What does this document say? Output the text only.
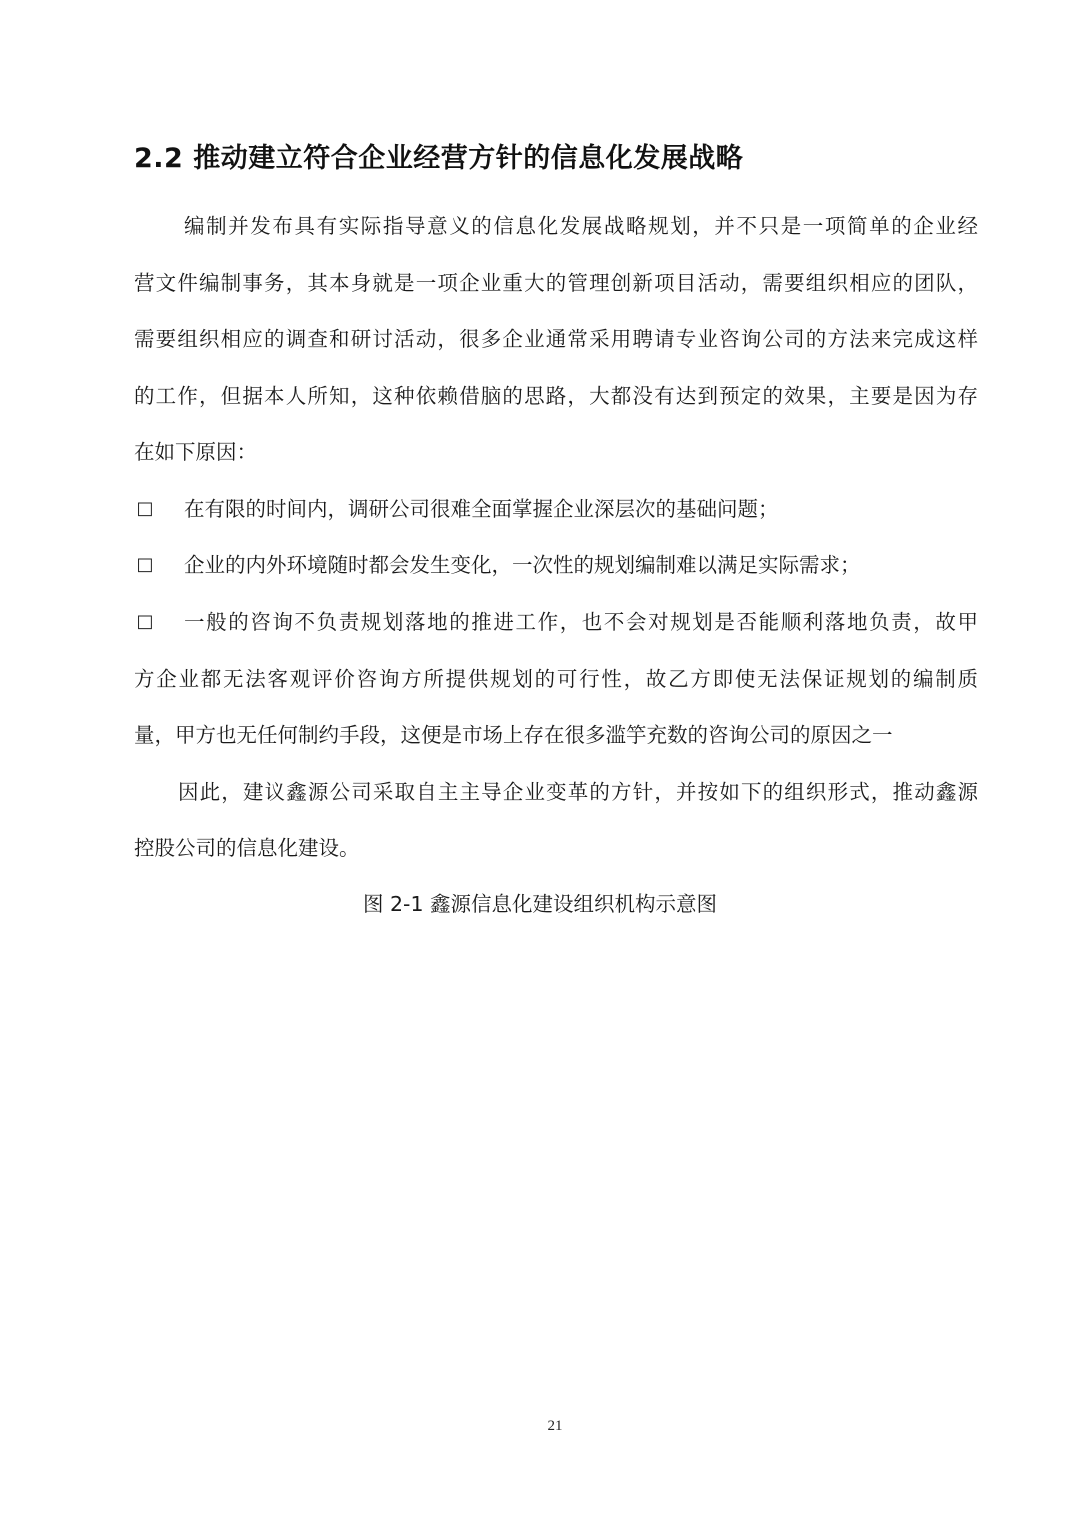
2.2 推动建立符合企业经营方针的信息化发展战略
编制并发布具有实际指导意义的信息化发展战略规划，并不只是一项简单的企业经
营文件编制事务，其本身就是一项企业重大的管理创新项目活动，需要组织相应的团队，
需要组织相应的调查和研讨活动，很多企业通常采用聘请专业咨询公司的方法来完成这样
的工作，但据本人所知，这种依赖借脑的思路，大都没有达到预定的效果，主要是因为存
在如下原因：
□ 在有限的时间内，调研公司很难全面掌握企业深层次的基础问题；
□ 企业的内外环境随时都会发生变化，一次性的规划编制难以满足实际需求；
□ 一般的咨询不负责规划落地的推进工作，也不会对规划是否能顺利落地负责，故甲
方企业都无法客观评价咨询方所提供规划的可行性，故乙方即使无法保证规划的编制质
量，甲方也无任何制约手段，这便是市场上存在很多滥竽充数的咨询公司的原因之一
因此，建议鑫源公司采取自主主导企业变革的方针，并按如下的组织形式，推动鑫源
控股公司的信息化建设。
图 2-1 鑫源信息化建设组织机构示意图
21
